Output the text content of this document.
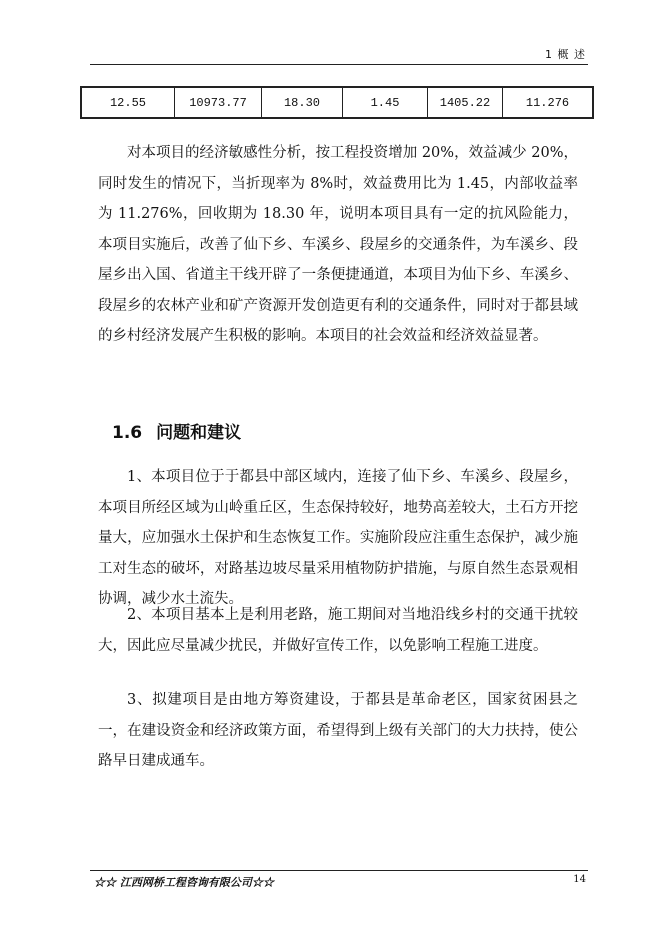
1 概 述
12.55	10973.77	18.30	1.45	1405.22	11.276

对本项目的经济敏感性分析，按工程投资增加 20%，效益减少 20%，同时发生的情况下，当折现率为 8%时，效益费用比为 1.45，内部收益率为 11.276%，回收期为 18.30 年，说明本项目具有一定的抗风险能力，本项目实施后，改善了仙下乡、车溪乡、段屋乡的交通条件，为车溪乡、段屋乡出入国、省道主干线开辟了一条便捷通道，本项目为仙下乡、车溪乡、段屋乡的农林产业和矿产资源开发创造更有利的交通条件，同时对于都县域的乡村经济发展产生积极的影响。本项目的社会效益和经济效益显著。

1.6 问题和建议

1、本项目位于于都县中部区域内，连接了仙下乡、车溪乡、段屋乡，本项目所经区域为山岭重丘区，生态保持较好，地势高差较大，土石方开挖量大，应加强水土保护和生态恢复工作。实施阶段应注重生态保护，减少施工对生态的破坏，对路基边坡尽量采用植物防护措施，与原自然生态景观相协调，减少水土流失。

2、本项目基本上是利用老路，施工期间对当地沿线乡村的交通干扰较大，因此应尽量减少扰民，并做好宣传工作，以免影响工程施工进度。

3、拟建项目是由地方筹资建设，于都县是革命老区，国家贫困县之一，在建设资金和经济政策方面，希望得到上级有关部门的大力扶持，使公路早日建成通车。

☆☆ 江西网桥工程咨询有限公司☆☆	14
